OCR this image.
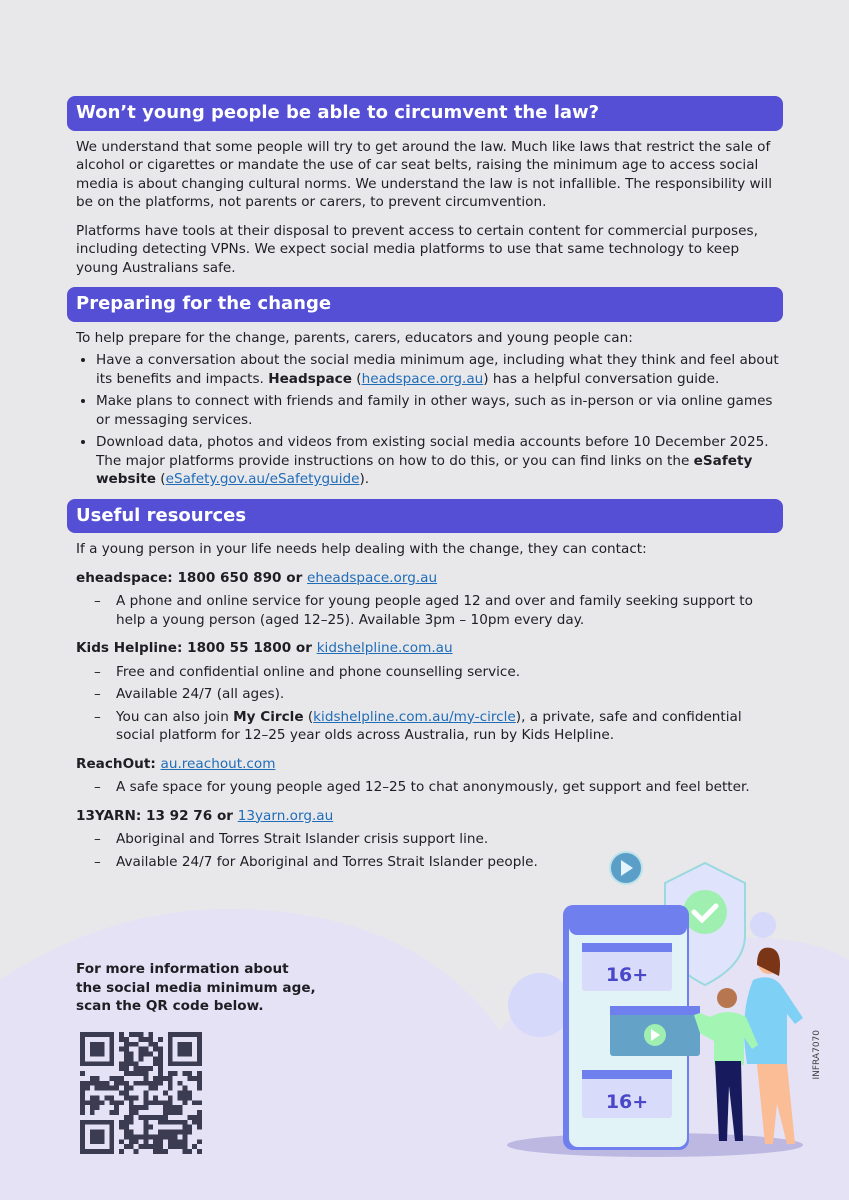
Won’t young people be able to circumvent the law?

We understand that some people will try to get around the law. Much like laws that restrict the sale of alcohol or cigarettes or mandate the use of car seat belts, raising the minimum age to access social media is about changing cultural norms. We understand the law is not infallible. The responsibility will be on the platforms, not parents or carers, to prevent circumvention.

Platforms have tools at their disposal to prevent access to certain content for commercial purposes, including detecting VPNs. We expect social media platforms to use that same technology to keep young Australians safe.

Preparing for the change

To help prepare for the change, parents, carers, educators and young people can:

• Have a conversation about the social media minimum age, including what they think and feel about its benefits and impacts. Headspace (headspace.org.au) has a helpful conversation guide.
• Make plans to connect with friends and family in other ways, such as in-person or via online games or messaging services.
• Download data, photos and videos from existing social media accounts before 10 December 2025. The major platforms provide instructions on how to do this, or you can find links on the eSafety website (eSafety.gov.au/eSafetyguide).
Useful resources

If a young person in your life needs help dealing with the change, they can contact:

eheadspace: 1800 650 890 or eheadspace.org.au
– A phone and online service for young people aged 12 and over and family seeking support to help a young person (aged 12–25). Available 3pm – 10pm every day.
Kids Helpline: 1800 55 1800 or kidshelpline.com.au
– Free and confidential online and phone counselling service.
– Available 24/7 (all ages).
– You can also join My Circle (kidshelpline.com.au/my-circle), a private, safe and confidential social platform for 12–25 year olds across Australia, run by Kids Helpline.
ReachOut: au.reachout.com
– A safe space for young people aged 12–25 to chat anonymously, get support and feel better.
13YARN: 13 92 76 or 13yarn.org.au
– Aboriginal and Torres Strait Islander crisis support line.
– Available 24/7 for Aboriginal and Torres Strait Islander people.
For more information about the social media minimum age, scan the QR code below.
16+
16+
INFRA7070
